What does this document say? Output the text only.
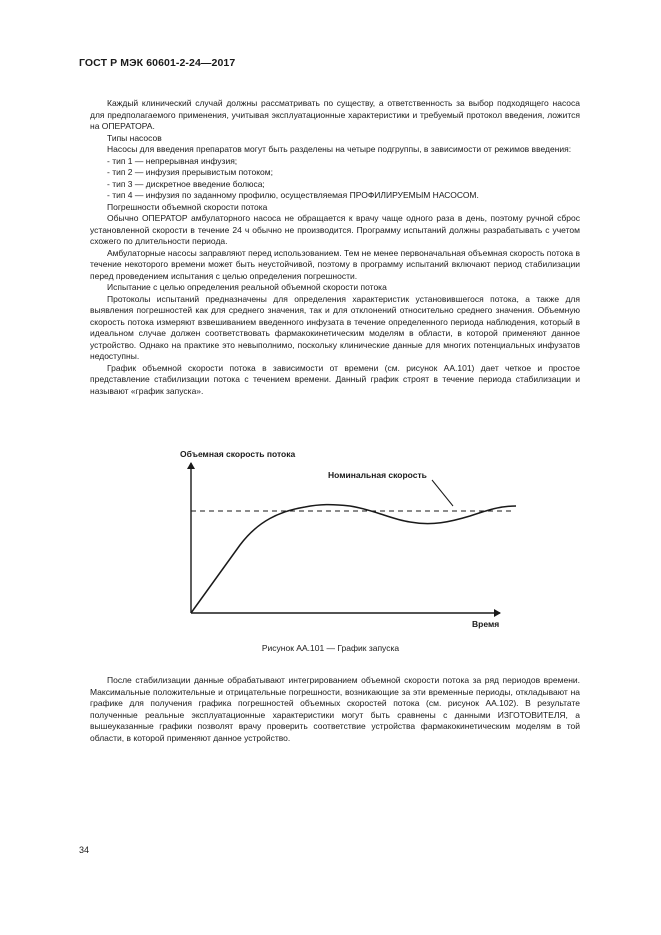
ГОСТ Р МЭК 60601-2-24—2017

Каждый клинический случай должны рассматривать по существу, а ответственность за выбор подходящего насоса для предполагаемого применения, учитывая эксплуатационные характеристики и требуемый протокол введения, ложится на ОПЕРАТОРА.

Типы насосов

Насосы для введения препаратов могут быть разделены на четыре подгруппы, в зависимости от режимов введения:

- тип 1 — непрерывная инфузия;

- тип 2 — инфузия прерывистым потоком;

- тип 3 — дискретное введение болюса;

- тип 4 — инфузия по заданному профилю, осуществляемая ПРОФИЛИРУЕМЫМ НАСОСОМ.

Погрешности объемной скорости потока

Обычно ОПЕРАТОР амбулаторного насоса не обращается к врачу чаще одного раза в день, поэтому ручной сброс установленной скорости в течение 24 ч обычно не производится. Программу испытаний должны разрабатывать с учетом схожего по длительности периода.

Амбулаторные насосы заправляют перед использованием. Тем не менее первоначальная объемная скорость потока в течение некоторого времени может быть неустойчивой, поэтому в программу испытаний включают период стабилизации перед проведением испытания с целью определения погрешности.

Испытание с целью определения реальной объемной скорости потока

Протоколы испытаний предназначены для определения характеристик установившегося потока, а также для выявления погрешностей как для среднего значения, так и для отклонений относительно среднего значения. Объемную скорость потока измеряют взвешиванием введенного инфузата в течение определенного периода наблюдения, который в идеальном случае должен соответствовать фармакокинетическим моделям в области, в которой применяют данное устройство. Однако на практике это невыполнимо, поскольку клинические данные для многих потенциальных инфузатов недоступны.

График объемной скорости потока в зависимости от времени (см. рисунок АА.101) дает четкое и простое представление стабилизации потока с течением времени. Данный график строят в течение периода стабилизации и называют «график запуска».

Объемная скорость потока
Время
Номинальная скорость
Рисунок АА.101 — График запуска

После стабилизации данные обрабатывают интегрированием объемной скорости потока за ряд периодов времени. Максимальные положительные и отрицательные погрешности, возникающие за эти временные периоды, откладывают на графике для получения графика погрешностей объемных скоростей потока (см. рисунок АА.102). В результате полученные реальные эксплуатационные характеристики могут быть сравнены с данными ИЗГОТОВИТЕЛЯ, а вышеуказанные графики позволят врачу проверить соответствие устройства фармакокинетическим моделям в той области, в которой применяют данное устройство.

34
